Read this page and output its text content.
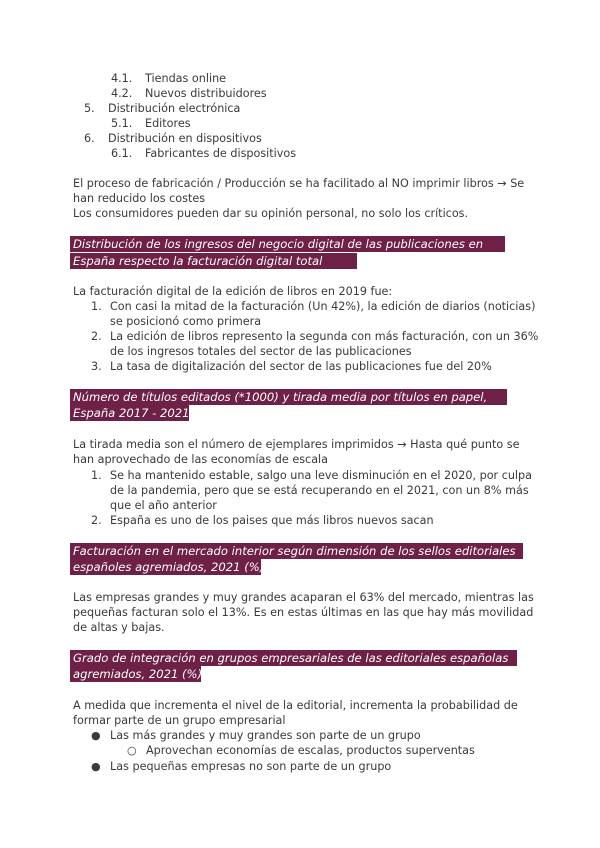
4.1. Tiendas online
4.2. Nuevos distribuidores
5. Distribución electrónica
5.1. Editores
6. Distribución en dispositivos
6.1. Fabricantes de dispositivos
El proceso de fabricación / Producción se ha facilitado al NO imprimir libros → Se
han reducido los costes
Los consumidores pueden dar su opinión personal, no solo los críticos.
Distribución de los ingresos del negocio digital de las publicaciones en
España respecto la facturación digital total
La facturación digital de la edición de libros en 2019 fue:
1. Con casi la mitad de la facturación (Un 42%), la edición de diarios (noticias)
se posicionó como primera
2. La edición de libros represento la segunda con más facturación, con un 36%
de los ingresos totales del sector de las publicaciones
3. La tasa de digitalización del sector de las publicaciones fue del 20%
Número de títulos editados (*1000) y tirada media por títulos en papel,
España 2017 - 2021
La tirada media son el número de ejemplares imprimidos → Hasta qué punto se
han aprovechado de las economías de escala
1. Se ha mantenido estable, salgo una leve disminución en el 2020, por culpa
de la pandemia, pero que se está recuperando en el 2021, con un 8% más
que el año anterior
2. España es uno de los paises que más libros nuevos sacan
Facturación en el mercado interior según dimensión de los sellos editoriales
españoles agremiados, 2021 (%)
Las empresas grandes y muy grandes acaparan el 63% del mercado, mientras las
pequeñas facturan solo el 13%. Es en estas últimas en las que hay más movilidad
de altas y bajas.
Grado de integración en grupos empresariales de las editoriales españolas
agremiados, 2021 (%)
A medida que incrementa el nivel de la editorial, incrementa la probabilidad de
formar parte de un grupo empresarial
● Las más grandes y muy grandes son parte de un grupo
○ Aprovechan economías de escalas, productos superventas
● Las pequeñas empresas no son parte de un grupo
